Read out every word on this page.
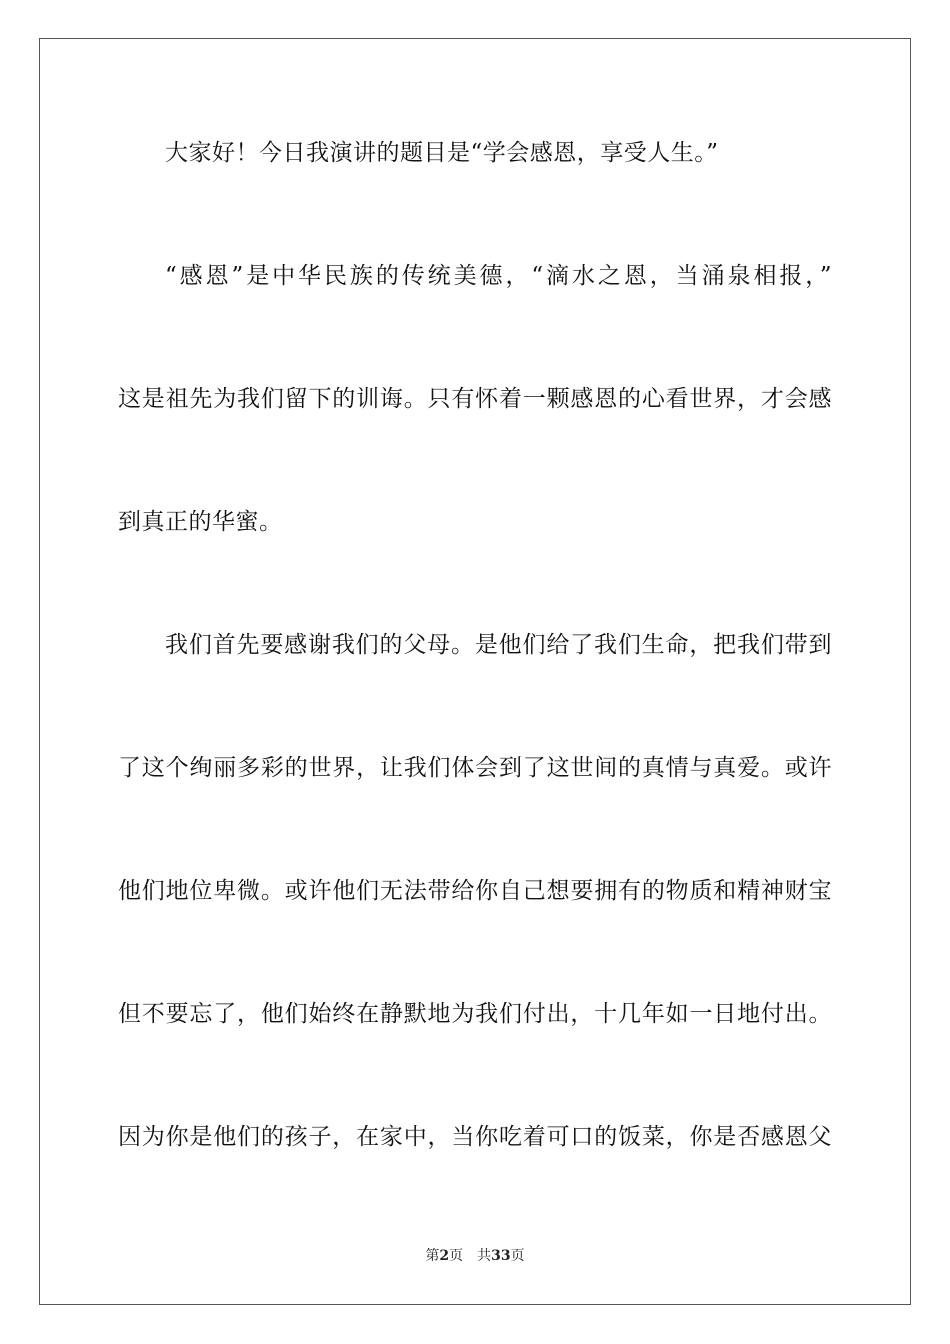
大家好！今日我演讲的题目是“学会感恩，享受人生。”
“感恩”是中华民族的传统美德，“滴水之恩，当涌泉相报，”
这是祖先为我们留下的训诲。只有怀着一颗感恩的心看世界，才会感
到真正的华蜜。
我们首先要感谢我们的父母。是他们给了我们生命，把我们带到
了这个绚丽多彩的世界，让我们体会到了这世间的真情与真爱。或许
他们地位卑微。或许他们无法带给你自己想要拥有的物质和精神财宝
但不要忘了，他们始终在静默地为我们付出，十几年如一日地付出。
因为你是他们的孩子，在家中，当你吃着可口的饭菜，你是否感恩父
第2页 共33页
